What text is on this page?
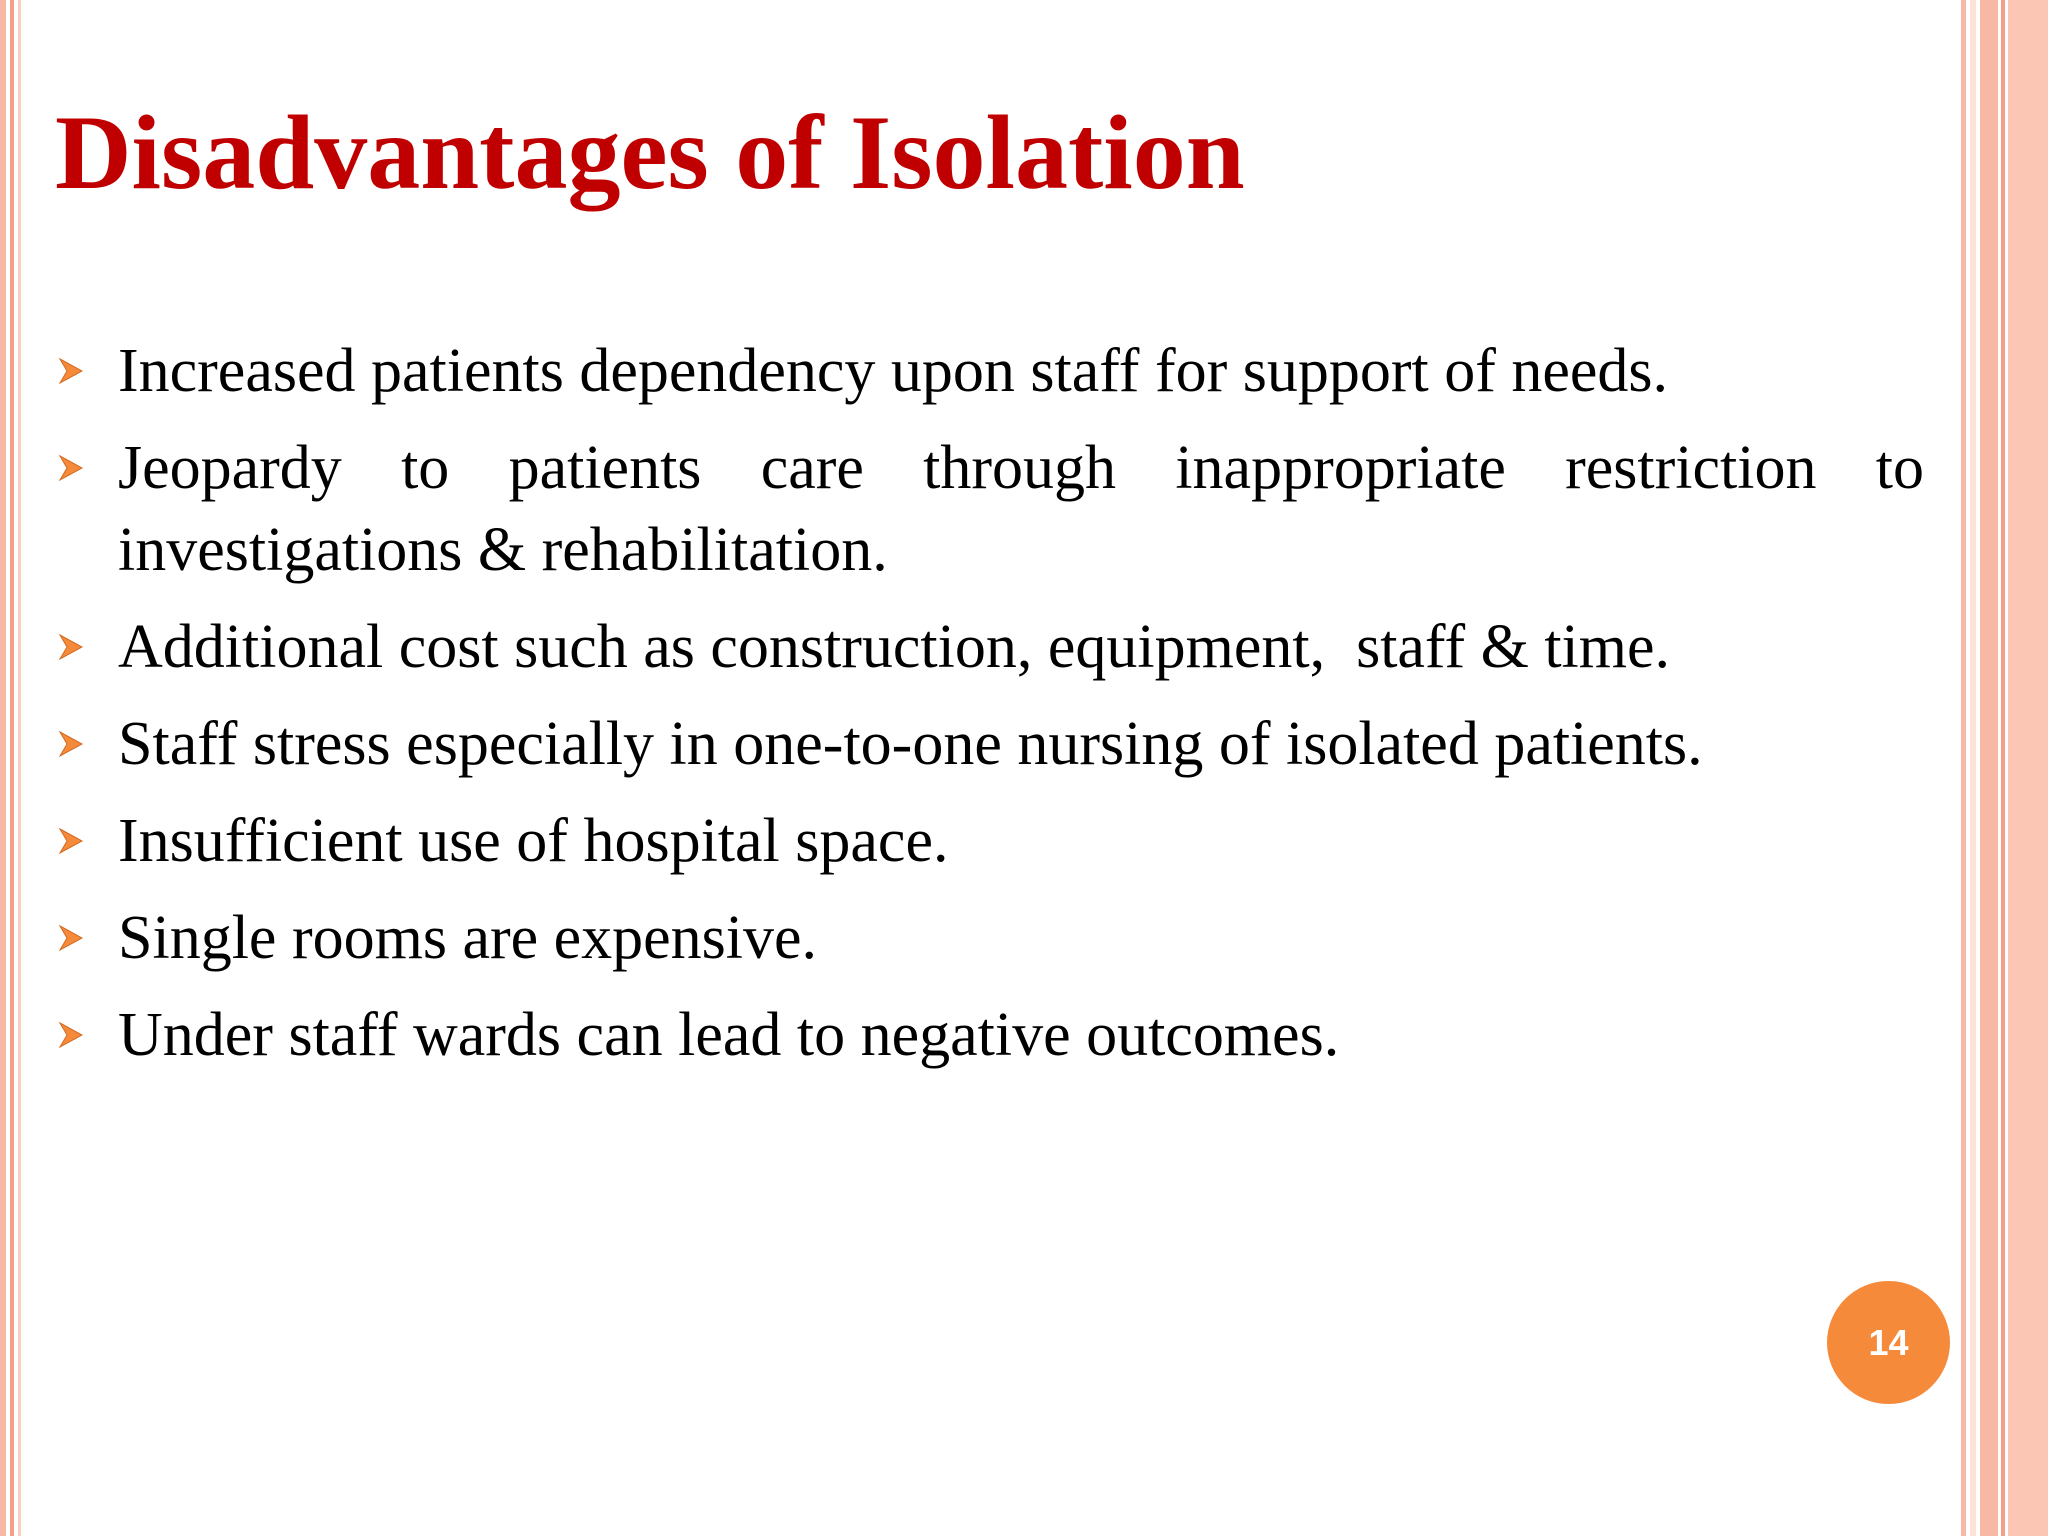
Disadvantages of Isolation
Increased patients dependency upon staff for support of needs.
Jeopardy to patients care through inappropriate restriction to investigations & rehabilitation.
Additional cost such as construction, equipment,  staff & time.
Staff stress especially in one-to-one nursing of isolated patients.
Insufficient use of hospital space.
Single rooms are expensive.
Under staff wards can lead to negative outcomes.
14
